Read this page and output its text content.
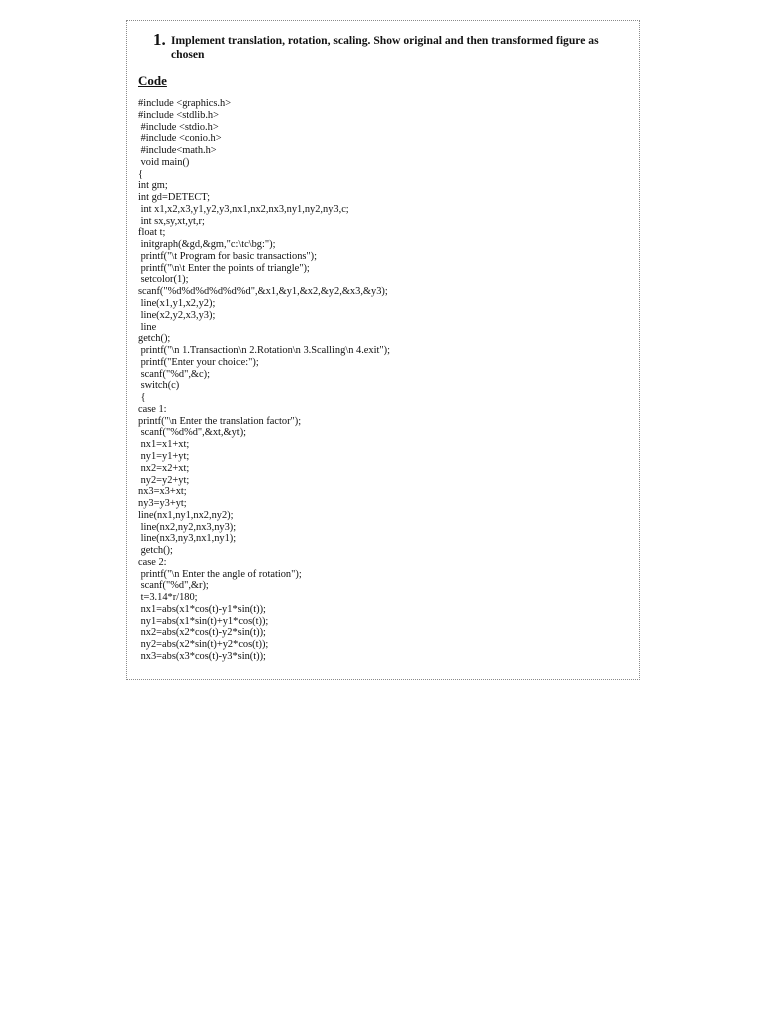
1. Implement translation, rotation, scaling. Show original and then transformed figure as chosen
Code
#include <graphics.h>
#include <stdlib.h>
#include <stdio.h>
#include <conio.h>
#include<math.h>
void main()
{
int gm;
int gd=DETECT;
int x1,x2,x3,y1,y2,y3,nx1,nx2,nx3,ny1,ny2,ny3,c;
int sx,sy,xt,yt,r;
float t;
initgraph(&gd,&gm,"c:\tc\bg:");
printf("\t Program for basic transactions");
printf("\n\t Enter the points of triangle");
setcolor(1);
scanf("%d%d%d%d%d%d",&x1,&y1,&x2,&y2,&x3,&y3);
line(x1,y1,x2,y2);
line(x2,y2,x3,y3);
line
getch();
printf("\n 1.Transaction\n 2.Rotation\n 3.Scalling\n 4.exit");
printf("Enter your choice:");
scanf("%d",&c);
switch(c)
{
case 1:
printf("\n Enter the translation factor");
scanf("%d%d",&xt,&yt);
nx1=x1+xt;
ny1=y1+yt;
nx2=x2+xt;
ny2=y2+yt;
nx3=x3+xt;
ny3=y3+yt;
line(nx1,ny1,nx2,ny2);
line(nx2,ny2,nx3,ny3);
line(nx3,ny3,nx1,ny1);
getch();
case 2:
printf("\n Enter the angle of rotation");
scanf("%d",&r);
t=3.14*r/180;
nx1=abs(x1*cos(t)-y1*sin(t));
ny1=abs(x1*sin(t)+y1*cos(t));
nx2=abs(x2*cos(t)-y2*sin(t));
ny2=abs(x2*sin(t)+y2*cos(t));
nx3=abs(x3*cos(t)-y3*sin(t));
